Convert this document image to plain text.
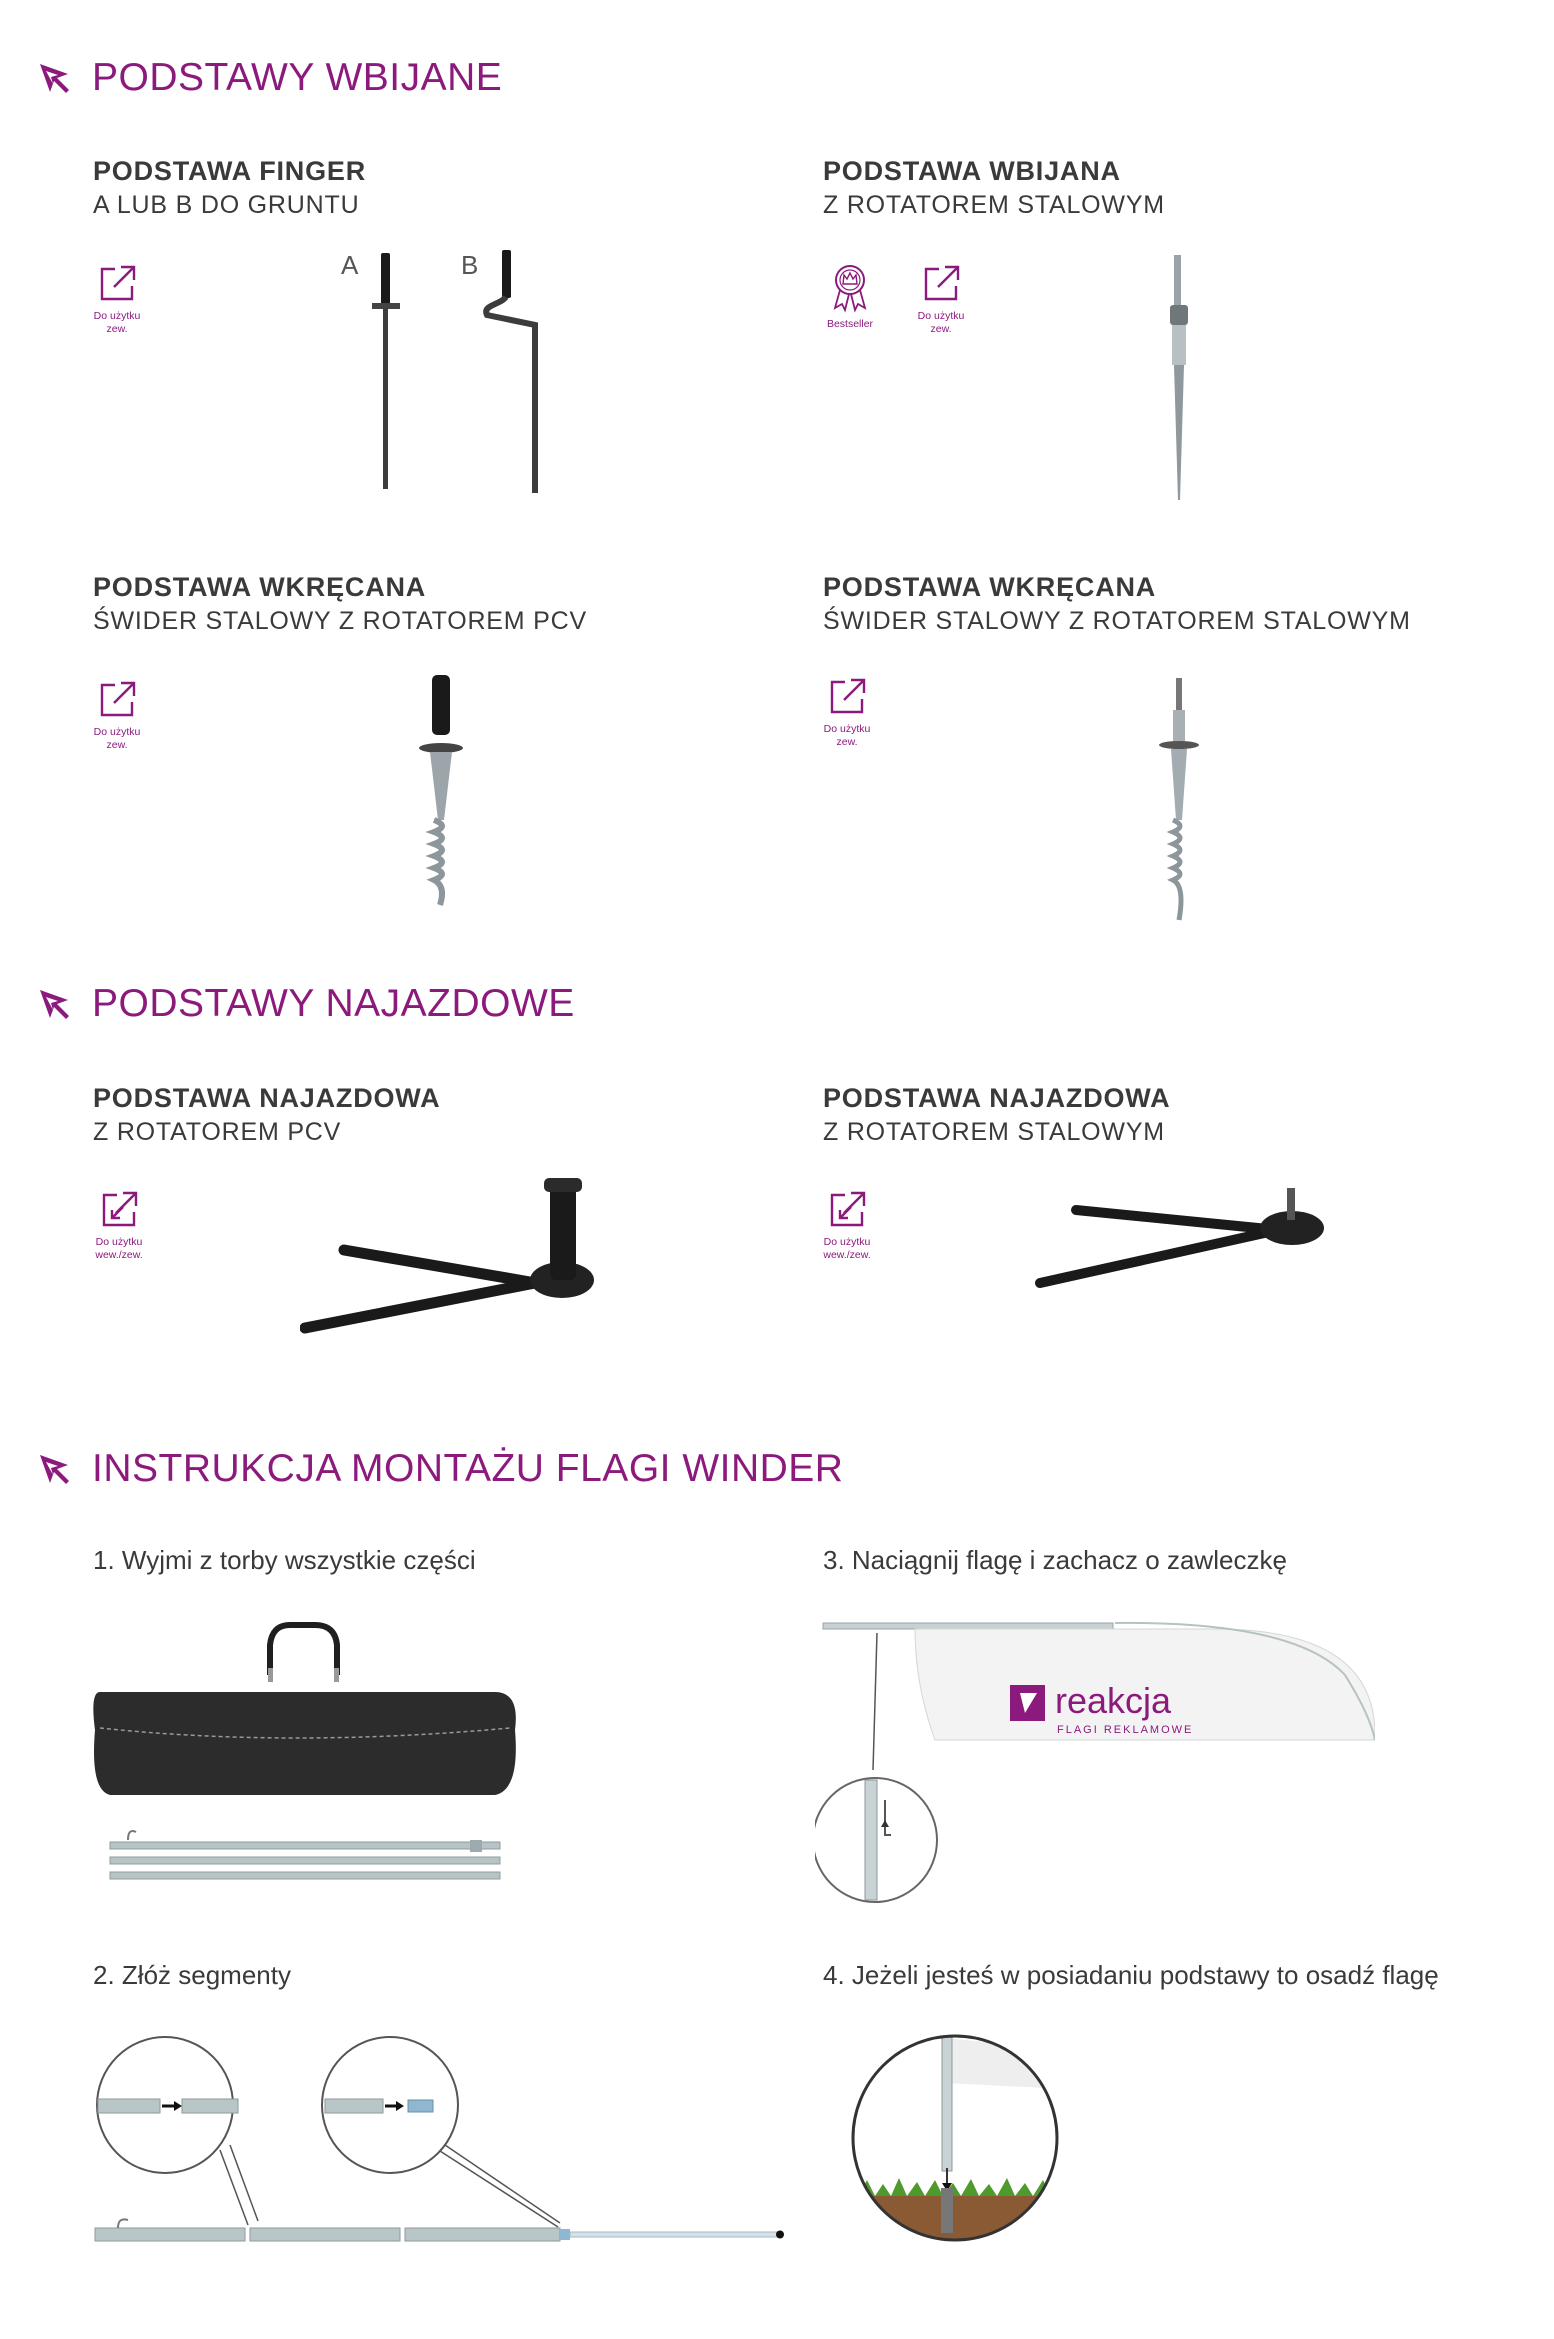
PODSTAWY WBIJANE
PODSTAWA FINGER
A LUB B DO GRUNTU
Do użytku zew.
A	B
PODSTAWA WBIJANA
Z ROTATOREM STALOWYM
Bestseller
Do użytku zew.
PODSTAWA WKRĘCANA
ŚWIDER STALOWY Z ROTATOREM PCV
Do użytku zew.
PODSTAWA WKRĘCANA
ŚWIDER STALOWY Z ROTATOREM STALOWYM
Do użytku zew.
PODSTAWY NAJAZDOWE
PODSTAWA NAJAZDOWA
Z ROTATOREM PCV
Do użytku wew./zew.
PODSTAWA NAJAZDOWA
Z ROTATOREM STALOWYM
Do użytku wew./zew.
INSTRUKCJA MONTAŻU FLAGI WINDER
1. Wyjmi z torby wszystkie części	3. Naciągnij flagę i zachacz o zawleczkę
2. Złóż segmenty	4. Jeżeli jesteś w posiadaniu podstawy to osadź flagę
reakcja
FLAGI REKLAMOWE
